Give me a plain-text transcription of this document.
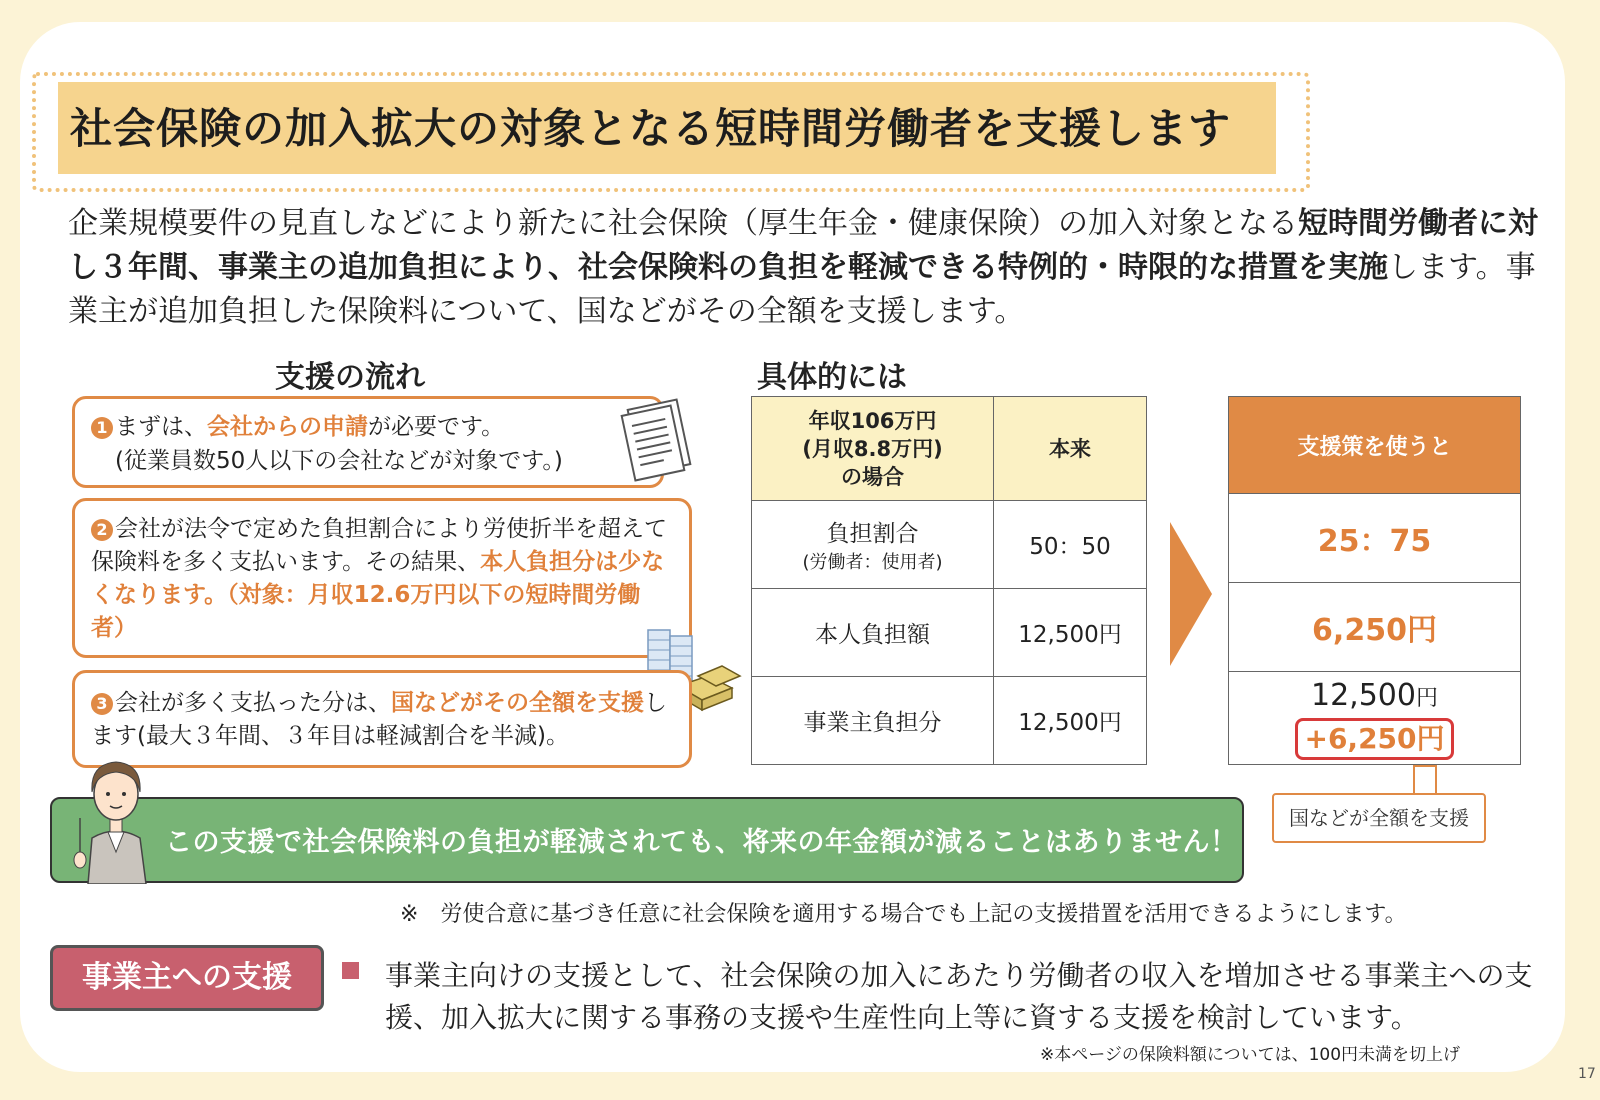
社会保険の加入拡大の対象となる短時間労働者を支援します
企業規模要件の見直しなどにより新たに社会保険（厚生年金・健康保険）の加入対象となる短時間労働者に対し３年間、事業主の追加負担により、社会保険料の負担を軽減できる特例的・時限的な措置を実施します。事業主が追加負担した保険料について、国などがその全額を支援します。
支援の流れ	具体的には
1 まずは、会社からの申請が必要です。
(従業員数50人以下の会社などが対象です。)
2 会社が法令で定めた負担割合により労使折半を超えて保険料を多く支払います。その結果、本人負担分は少なくなります。（対象：月収12.6万円以下の短時間労働者）
3 会社が多く支払った分は、国などがその全額を支援します(最大３年間、３年目は軽減割合を半減)。
年収106万円
(月収8.8万円)
の場合	本来

負担割合
(労働者：使用者)	50：50
本人負担額	12,500円
事業主負担分	12,500円
支援策を使うと
25：75
6,250円

12,500円
+6,250円
国などが全額を支援
この支援で社会保険料の負担が軽減されても、将来の年金額が減ることはありません！
※　労使合意に基づき任意に社会保険を適用する場合でも上記の支援措置を活用できるようにします。
事業主への支援	事業主向けの支援として、社会保険の加入にあたり労働者の収入を増加させる事業主への支援、加入拡大に関する事務の支援や生産性向上等に資する支援を検討しています。
※本ページの保険料額については、100円未満を切上げ
17
